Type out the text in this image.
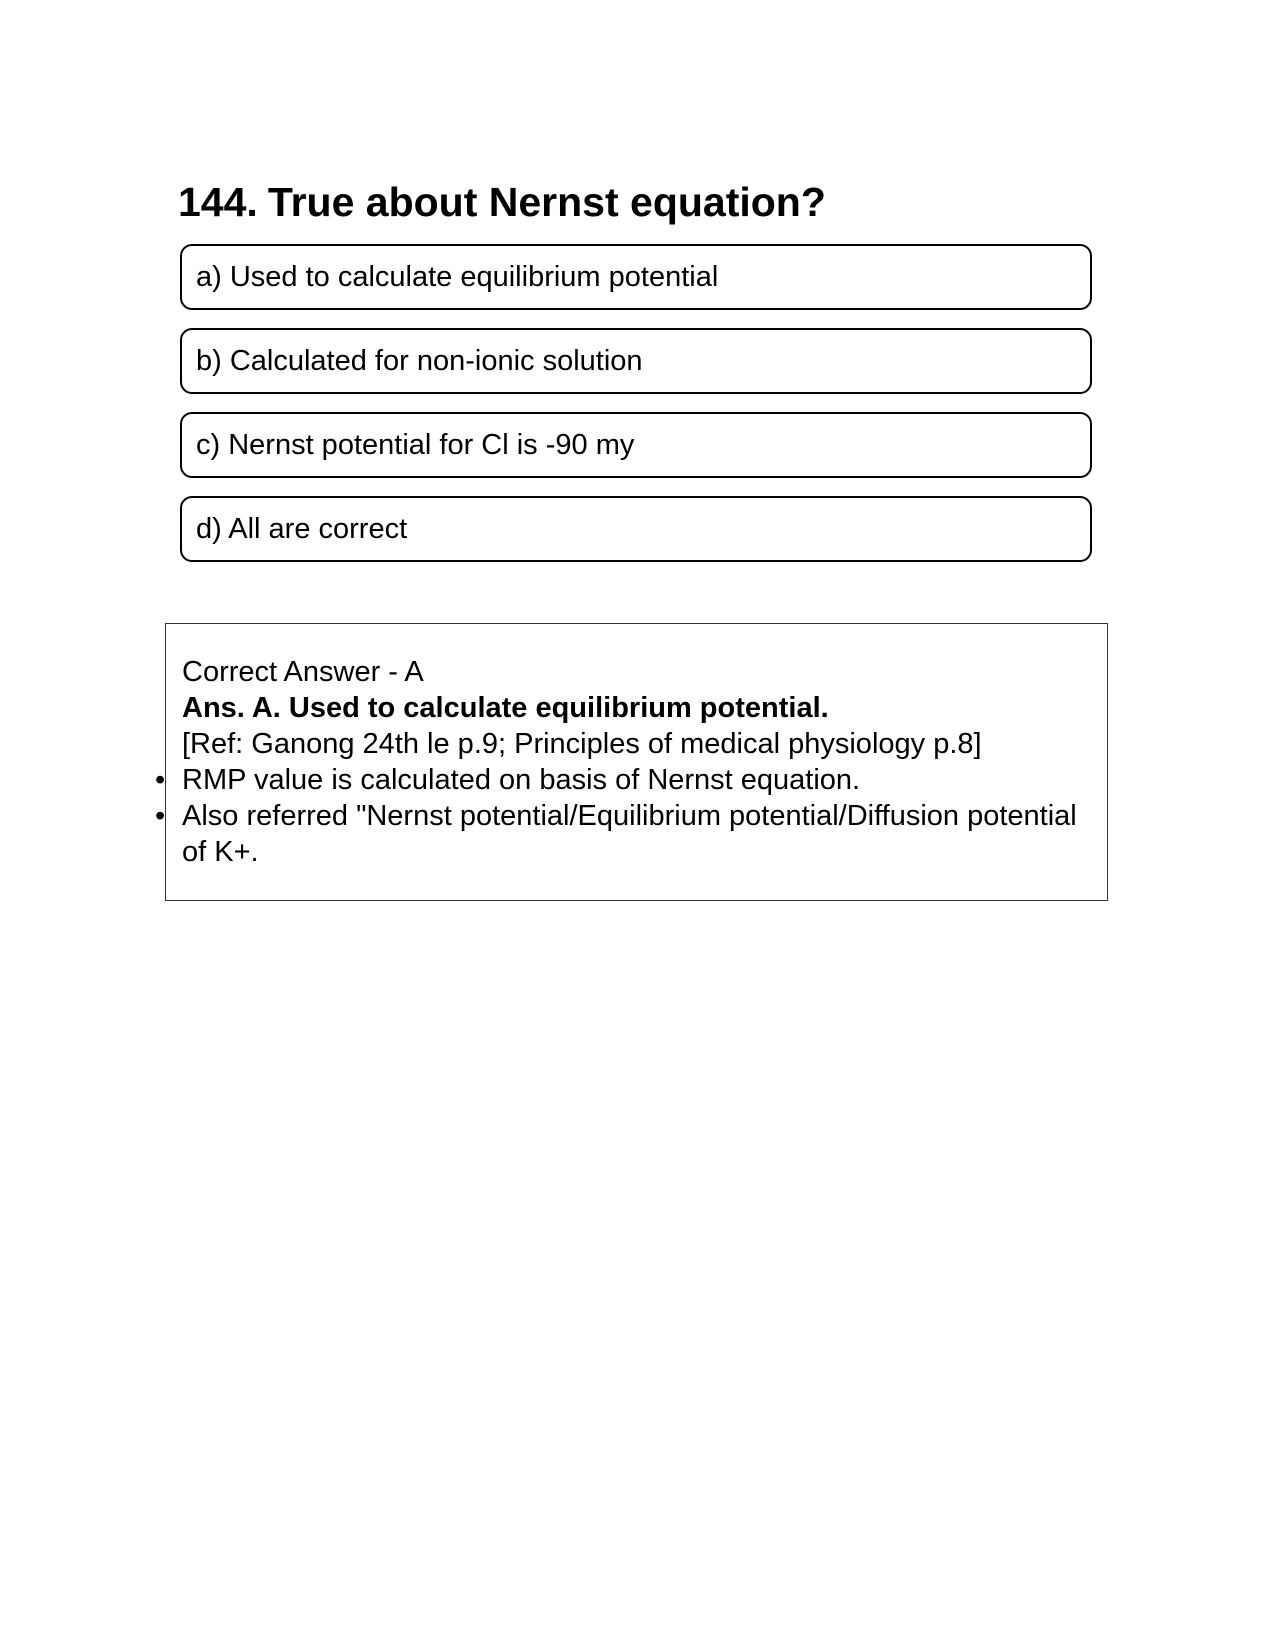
144. True about Nernst equation?
a) Used to calculate equilibrium potential
b) Calculated for non-ionic solution
c) Nernst potential for Cl is -90 my
d) All are correct
Correct Answer - A
Ans. A. Used to calculate equilibrium potential.
[Ref: Ganong 24th le p.9; Principles of medical physiology p.8]
• RMP value is calculated on basis of Nernst equation.
• Also referred "Nernst potential/Equilibrium potential/Diffusion potential of K+.
